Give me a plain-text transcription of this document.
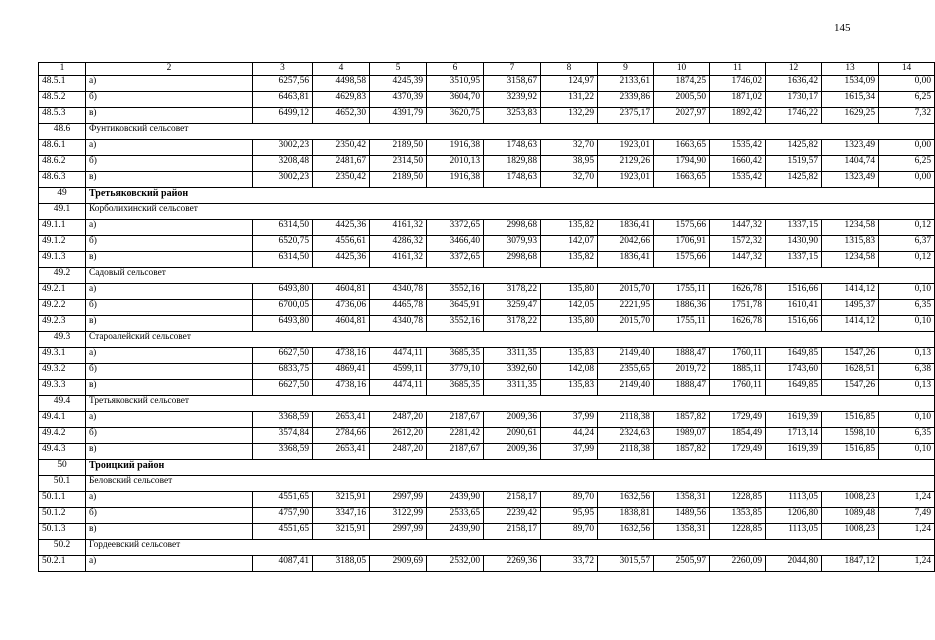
145
1	2	3	4	5	6	7	8	9	10	11	12	13	14
48.5.1	а)	6257,56	4498,58	4245,39	3510,95	3158,67	124,97	2133,61	1874,25	1746,02	1636,42	1534,09	0,00
48.5.2	б)	6463,81	4629,83	4370,39	3604,70	3239,92	131,22	2339,86	2005,50	1871,02	1730,17	1615,34	6,25
48.5.3	в)	6499,12	4652,30	4391,79	3620,75	3253,83	132,29	2375,17	2027,97	1892,42	1746,22	1629,25	7,32
48.6	Фунтиковский сельсовет												
48.6.1	а)	3002,23	2350,42	2189,50	1916,38	1748,63	32,70	1923,01	1663,65	1535,42	1425,82	1323,49	0,00
48.6.2	б)	3208,48	2481,67	2314,50	2010,13	1829,88	38,95	2129,26	1794,90	1660,42	1519,57	1404,74	6,25
48.6.3	в)	3002,23	2350,42	2189,50	1916,38	1748,63	32,70	1923,01	1663,65	1535,42	1425,82	1323,49	0,00
49	Третьяковский район												
49.1	Корболихинский сельсовет												
49.1.1	а)	6314,50	4425,36	4161,32	3372,65	2998,68	135,82	1836,41	1575,66	1447,32	1337,15	1234,58	0,12
49.1.2	б)	6520,75	4556,61	4286,32	3466,40	3079,93	142,07	2042,66	1706,91	1572,32	1430,90	1315,83	6,37
49.1.3	в)	6314,50	4425,36	4161,32	3372,65	2998,68	135,82	1836,41	1575,66	1447,32	1337,15	1234,58	0,12
49.2	Садовый сельсовет												
49.2.1	а)	6493,80	4604,81	4340,78	3552,16	3178,22	135,80	2015,70	1755,11	1626,78	1516,66	1414,12	0,10
49.2.2	б)	6700,05	4736,06	4465,78	3645,91	3259,47	142,05	2221,95	1886,36	1751,78	1610,41	1495,37	6,35
49.2.3	в)	6493,80	4604,81	4340,78	3552,16	3178,22	135,80	2015,70	1755,11	1626,78	1516,66	1414,12	0,10
49.3	Староалейский сельсовет												
49.3.1	а)	6627,50	4738,16	4474,11	3685,35	3311,35	135,83	2149,40	1888,47	1760,11	1649,85	1547,26	0,13
49.3.2	б)	6833,75	4869,41	4599,11	3779,10	3392,60	142,08	2355,65	2019,72	1885,11	1743,60	1628,51	6,38
49.3.3	в)	6627,50	4738,16	4474,11	3685,35	3311,35	135,83	2149,40	1888,47	1760,11	1649,85	1547,26	0,13
49.4	Третьяковский сельсовет												
49.4.1	а)	3368,59	2653,41	2487,20	2187,67	2009,36	37,99	2118,38	1857,82	1729,49	1619,39	1516,85	0,10
49.4.2	б)	3574,84	2784,66	2612,20	2281,42	2090,61	44,24	2324,63	1989,07	1854,49	1713,14	1598,10	6,35
49.4.3	в)	3368,59	2653,41	2487,20	2187,67	2009,36	37,99	2118,38	1857,82	1729,49	1619,39	1516,85	0,10
50	Троицкий район												
50.1	Беловский сельсовет												
50.1.1	а)	4551,65	3215,91	2997,99	2439,90	2158,17	89,70	1632,56	1358,31	1228,85	1113,05	1008,23	1,24
50.1.2	б)	4757,90	3347,16	3122,99	2533,65	2239,42	95,95	1838,81	1489,56	1353,85	1206,80	1089,48	7,49
50.1.3	в)	4551,65	3215,91	2997,99	2439,90	2158,17	89,70	1632,56	1358,31	1228,85	1113,05	1008,23	1,24
50.2	Гордеевский сельсовет												
50.2.1	а)	4087,41	3188,05	2909,69	2532,00	2269,36	33,72	3015,57	2505,97	2260,09	2044,80	1847,12	1,24
